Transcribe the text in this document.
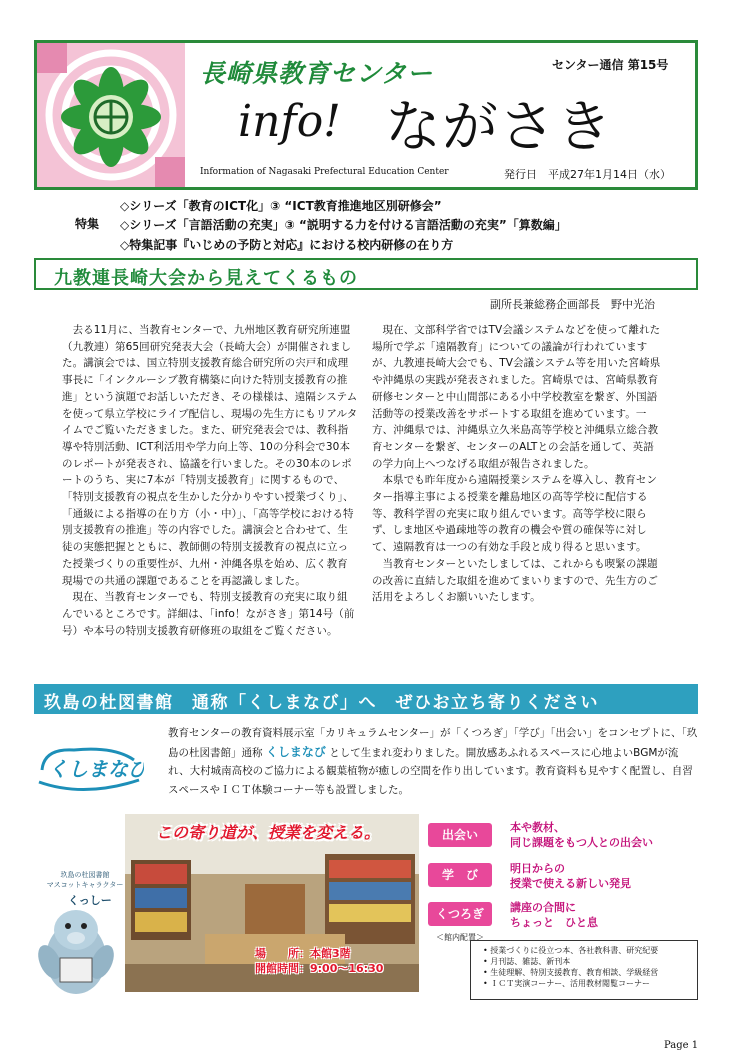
長崎県教育センター	センター通信 第15号
info! ながさき
Information of Nagasaki Prefectural Education Center	発行日　平成27年1月14日（水）
特集
◇シリーズ「教育のICT化」③ “ICT教育推進地区別研修会”
◇シリーズ「言語活動の充実」③ “説明する力を付ける言語活動の充実”「算数編」
◇特集記事『いじめの予防と対応』における校内研修の在り方
九教連長崎大会から見えてくるもの
副所長兼総務企画部長　野中光治

去る11月に、当教育センターで、九州地区教育研究所連盟（九教連）第65回研究発表大会（長崎大会）が開催されました。講演会では、国立特別支援教育総合研究所の宍戸和成理事長に「インクルーシブ教育構築に向けた特別支援教育の推進」という演題でお話しいただき、その様様は、遠隔システムを使って県立学校にライブ配信し、現場の先生方にもリアルタイムでご覧いただきました。また、研究発表会では、教科指導や特別活動、ICT利活用や学力向上等、10の分科会で30本のレポートが発表され、協議を行いました。その30本のレポートのうち、実に7本が「特別支援教育」に関するもので、「特別支援教育の視点を生かした分かりやすい授業づくり」、「通級による指導の在り方（小・中）」、「高等学校における特別支援教育の推進」等の内容でした。講演会と合わせて、生徒の実態把握とともに、教師側の特別支援教育の視点に立った授業づくりの重要性が、九州・沖縄各県を始め、広く教育現場での共通の課題であることを再認識しました。

現在、当教育センターでも、特別支援教育の充実に取り組んでいるところです。詳細は、「info！ながさき」第14号（前号）や本号の特別支援教育研修班の取組をご覧ください。

現在、文部科学省ではTV会議システムなどを使って離れた場所で学ぶ「遠隔教育」についての議論が行われていますが、九教連長崎大会でも、TV会議システム等を用いた宮崎県や沖縄県の実践が発表されました。宮崎県では、宮崎県教育研修センターと中山間部にある小中学校教室を繋ぎ、外国語活動等の授業改善をサポートする取組を進めています。一方、沖縄県では、沖縄県立久米島高等学校と沖縄県立総合教育センターを繋ぎ、センターのALTとの会話を通して、英語の学力向上へつなげる取組が報告されました。

本県でも昨年度から遠隔授業システムを導入し、教育センター指導主事による授業を離島地区の高等学校に配信する等、教科学習の充実に取り組んでいます。高等学校に限らず、しま地区や過疎地等の教育の機会や質の確保等に対して、遠隔教育は一つの有効な手段と成り得ると思います。

当教育センターといたしましては、これからも喫緊の課題の改善に直結した取組を進めてまいりますので、先生方のご活用をよろしくお願いいたします。

玖島の杜図書館　通称「くしまなび」へ　ぜひお立ち寄りください
くしまなび

教育センターの教育資料展示室「カリキュラムセンター」が「くつろぎ」「学び」「出会い」をコンセプトに、「玖島の杜図書館」通称 くしまなび として生まれ変わりました。開放感あふれるスペースに心地よいBGMが流れ、大村城南高校のご協力による観葉植物が癒しの空間を作り出しています。教育資料も見やすく配置し、自習スペースやＩＣＴ体験コーナー等も設置しました。

この寄り道が、授業を変える。
場　　所：本館3階
開館時間：9:00～16:30
出会い
本や教材、
同じ課題をもつ人との出会い
学　び	明日からの
授業で使える新しい発見
くつろぎ	講座の合間に
ちょっと　ひと息
＜館内配置＞
• 授業づくりに役立つ本、各社教科書、研究紀要
• 月刊誌、雑誌、新刊本
• 生徒理解、特別支援教育、教育相談、学級経営
• ＩＣＴ実演コーナー、活用教材閲覧コーナー
玖島の杜図書館
マスコットキャラクター
くっしー
Page 1
